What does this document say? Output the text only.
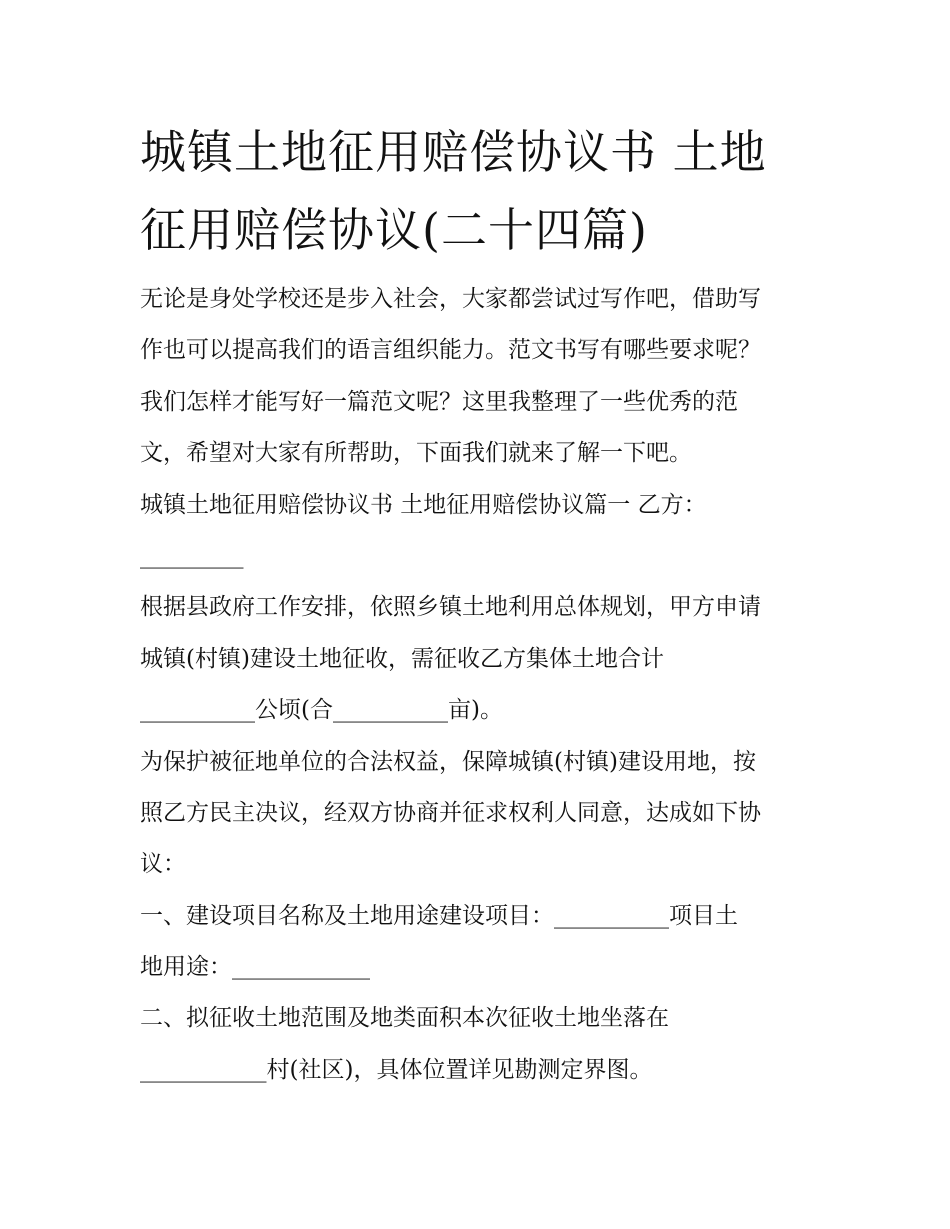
城镇土地征用赔偿协议书 土地
征用赔偿协议(二十四篇)
无论是身处学校还是步入社会，大家都尝试过写作吧，借助写
作也可以提高我们的语言组织能力。范文书写有哪些要求呢？
我们怎样才能写好一篇范文呢？这里我整理了一些优秀的范
文，希望对大家有所帮助，下面我们就来了解一下吧。
城镇土地征用赔偿协议书 土地征用赔偿协议篇一 乙方：
_________
根据县政府工作安排，依照乡镇土地利用总体规划，甲方申请
城镇(村镇)建设土地征收，需征收乙方集体土地合计
__________公顷(合__________亩)。
为保护被征地单位的合法权益，保障城镇(村镇)建设用地，按
照乙方民主决议，经双方协商并征求权利人同意，达成如下协
议：
一、建设项目名称及土地用途建设项目：__________项目土
地用途：____________
二、拟征收土地范围及地类面积本次征收土地坐落在
___________村(社区)，具体位置详见勘测定界图。
